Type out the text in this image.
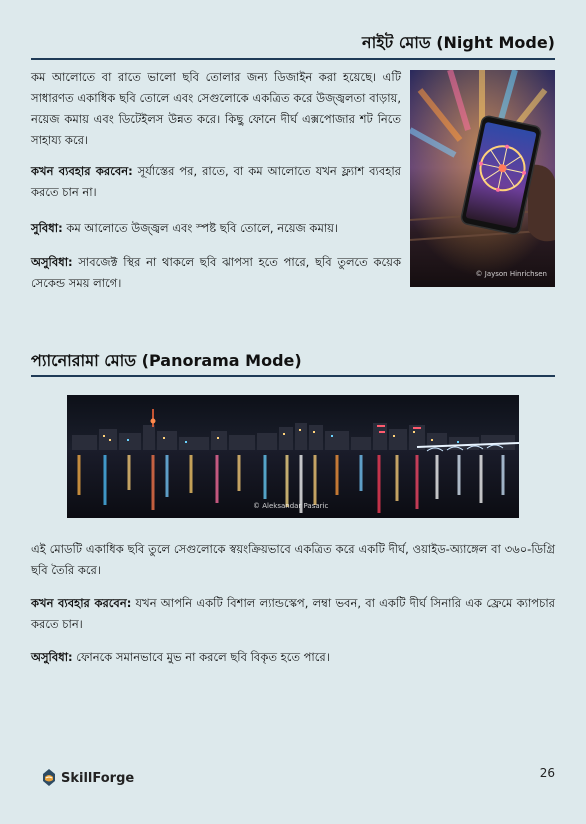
নাইট মোড (Night Mode)

কম আলোতে বা রাতে ভালো ছবি তোলার জন্য ডিজাইন করা হয়েছে। এটি সাধারণত একাধিক ছবি তোলে এবং সেগুলোকে একত্রিত করে উজ্জ্বলতা বাড়ায়, নয়েজ কমায় এবং ডিটেইলস উন্নত করে। কিছু ফোনে দীর্ঘ এক্সপোজার শট নিতে সাহায্য করে।

কখন ব্যবহার করবেন: সূর্যাস্তের পর, রাতে, বা কম আলোতে যখন ফ্ল্যাশ ব্যবহার করতে চান না।

সুবিধা: কম আলোতে উজ্জ্বল এবং স্পষ্ট ছবি তোলে, নয়েজ কমায়।

অসুবিধা: সাবজেক্ট স্থির না থাকলে ছবি ঝাপসা হতে পারে, ছবি তুলতে কয়েক সেকেন্ড সময় লাগে।

© Jayson Hinrichsen
প্যানোরামা মোড (Panorama Mode)
© Aleksandar Pasaric

এই মোডটি একাধিক ছবি তুলে সেগুলোকে স্বয়ংক্রিয়ভাবে একত্রিত করে একটি দীর্ঘ, ওয়াইড-অ্যাঙ্গেল বা ৩৬০-ডিগ্রি ছবি তৈরি করে।

কখন ব্যবহার করবেন: যখন আপনি একটি বিশাল ল্যান্ডস্কেপ, লম্বা ভবন, বা একটি দীর্ঘ সিনারি এক ফ্রেমে ক্যাপচার করতে চান।

অসুবিধা: ফোনকে সমানভাবে মুভ না করলে ছবি বিকৃত হতে পারে।

SkillForge	26
